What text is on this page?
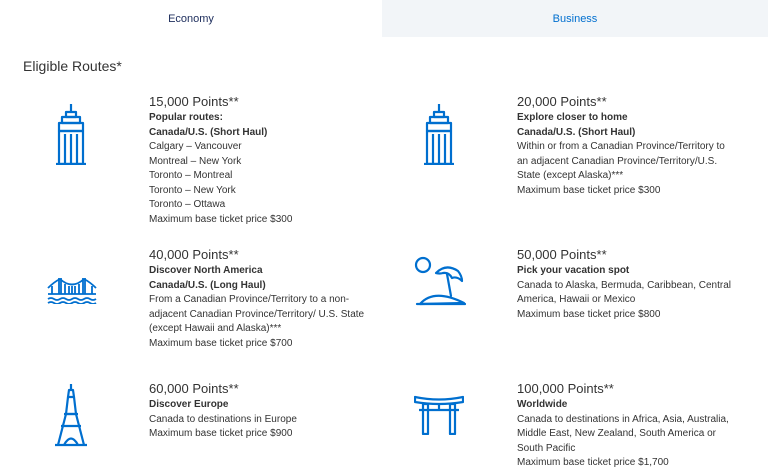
Economy	Business
Eligible Routes*
15,000 Points**
Popular routes:
Canada/U.S. (Short Haul)
Calgary – Vancouver
Montreal – New York
Toronto – Montreal
Toronto – New York
Toronto – Ottawa
Maximum base ticket price $300
20,000 Points**
Explore closer to home
Canada/U.S. (Short Haul)
Within or from a Canadian Province/Territory to
an adjacent Canadian Province/Territory/U.S.
State (except Alaska)***
Maximum base ticket price $300
40,000 Points**
Discover North America
Canada/U.S. (Long Haul)
From a Canadian Province/Territory to a non-
adjacent Canadian Province/Territory/ U.S. State
(except Hawaii and Alaska)***
Maximum base ticket price $700
50,000 Points**
Pick your vacation spot
Canada to Alaska, Bermuda, Caribbean, Central
America, Hawaii or Mexico
Maximum base ticket price $800
60,000 Points**
Discover Europe
Canada to destinations in Europe
Maximum base ticket price $900
100,000 Points**
Worldwide
Canada to destinations in Africa, Asia, Australia,
Middle East, New Zealand, South America or
South Pacific
Maximum base ticket price $1,700
